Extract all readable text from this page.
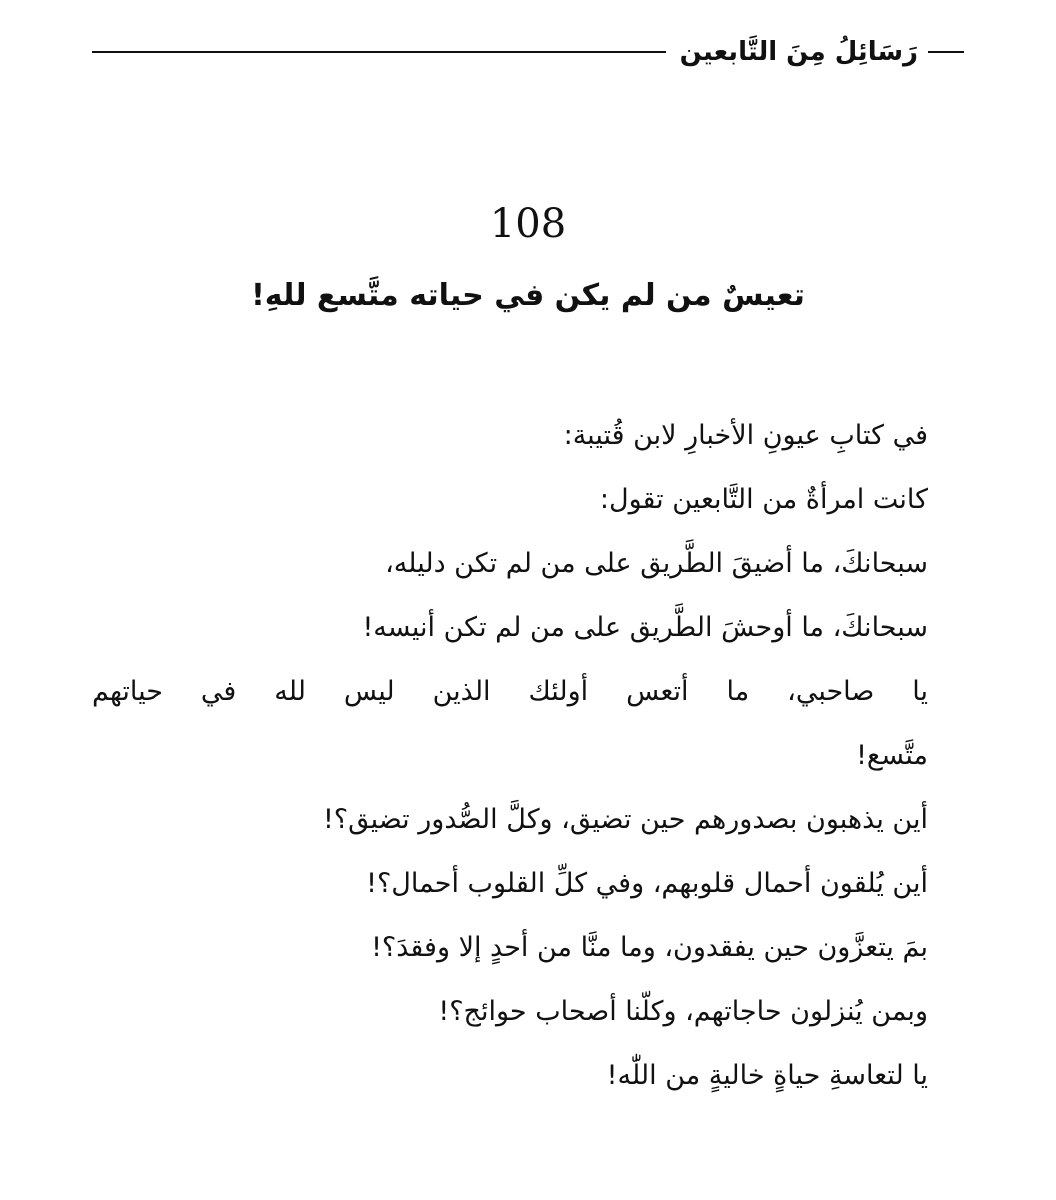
رَسَائِلُ مِنَ التَّابعين
108
تعيسٌ من لم يكن في حياته متَّسع للهِ!
في كتابِ عيونِ الأخبارِ لابن قُتيبة:
كانت امرأةٌ من التَّابعين تقول:
سبحانكَ، ما أضيقَ الطَّريق على من لم تكن دليله،
سبحانكَ، ما أوحشَ الطَّريق على من لم تكن أنيسه!
يا صاحبي، ما أتعس أولئك الذين ليس لله في حياتهم
متَّسع!
أين يذهبون بصدورهم حين تضيق، وكلَّ الصُّدور تضيق؟!
أين يُلقون أحمال قلوبهم، وفي كلِّ القلوب أحمال؟!
بمَ يتعزَّون حين يفقدون، وما منَّا من أحدٍ إلا وفقدَ؟!
وبمن يُنزلون حاجاتهم، وكلّنا أصحاب حوائج؟!
يا لتعاسةِ حياةٍ خاليةٍ من اللّٰه!
